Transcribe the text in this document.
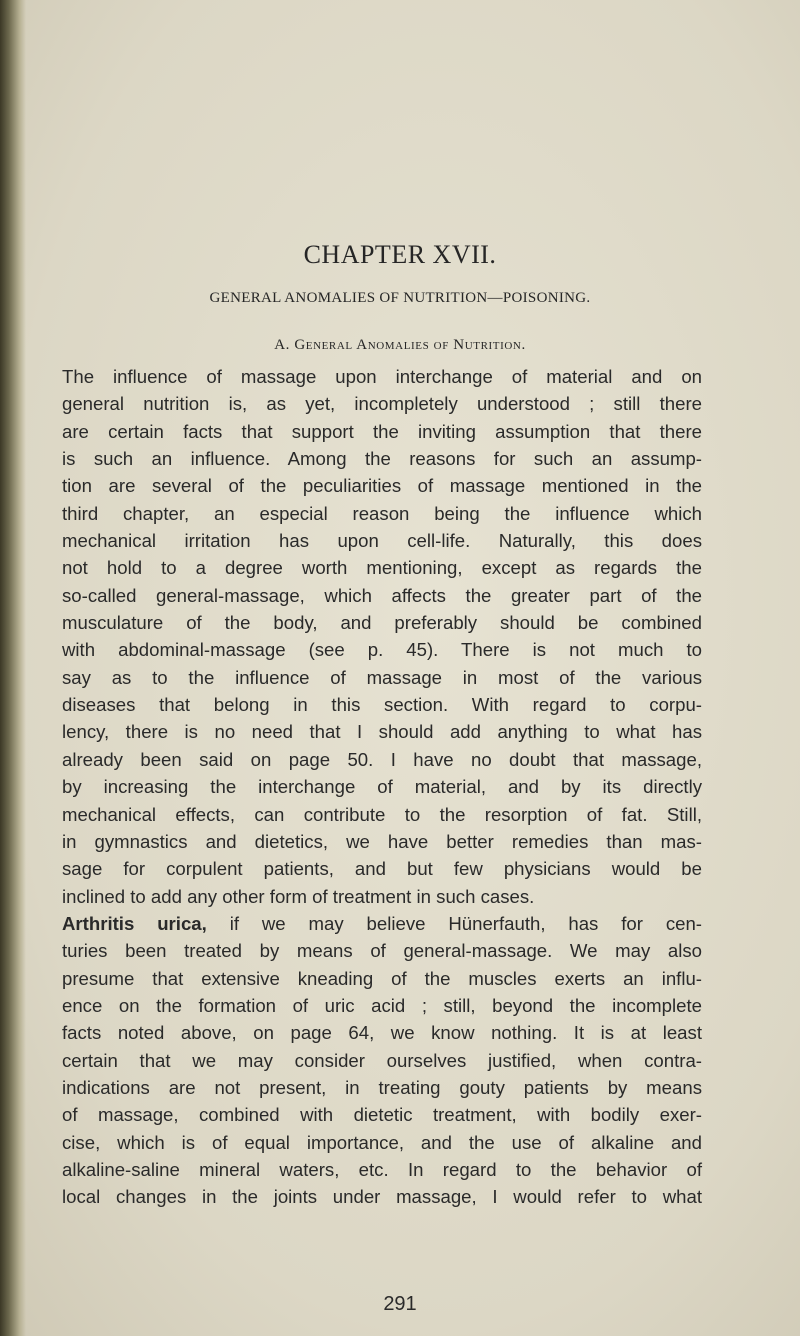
CHAPTER XVII.
GENERAL ANOMALIES OF NUTRITION—POISONING.
A. General Anomalies of Nutrition.
The influence of massage upon interchange of material and on
general nutrition is, as yet, incompletely understood ; still there
are certain facts that support the inviting assumption that there
is such an influence. Among the reasons for such an assump-
tion are several of the peculiarities of massage mentioned in the
third chapter, an especial reason being the influence which
mechanical irritation has upon cell-life. Naturally, this does
not hold to a degree worth mentioning, except as regards the
so-called general-massage, which affects the greater part of the
musculature of the body, and preferably should be combined
with abdominal-massage (see p. 45). There is not much to
say as to the influence of massage in most of the various
diseases that belong in this section. With regard to corpu-
lency, there is no need that I should add anything to what has
already been said on page 50. I have no doubt that massage,
by increasing the interchange of material, and by its directly
mechanical effects, can contribute to the resorption of fat. Still,
in gymnastics and dietetics, we have better remedies than mas-
sage for corpulent patients, and but few physicians would be
inclined to add any other form of treatment in such cases.
Arthritis urica, if we may believe Hünerfauth, has for cen-
turies been treated by means of general-massage. We may also
presume that extensive kneading of the muscles exerts an influ-
ence on the formation of uric acid ; still, beyond the incomplete
facts noted above, on page 64, we know nothing. It is at least
certain that we may consider ourselves justified, when contra-
indications are not present, in treating gouty patients by means
of massage, combined with dietetic treatment, with bodily exer-
cise, which is of equal importance, and the use of alkaline and
alkaline-saline mineral waters, etc. In regard to the behavior of
local changes in the joints under massage, I would refer to what
291
